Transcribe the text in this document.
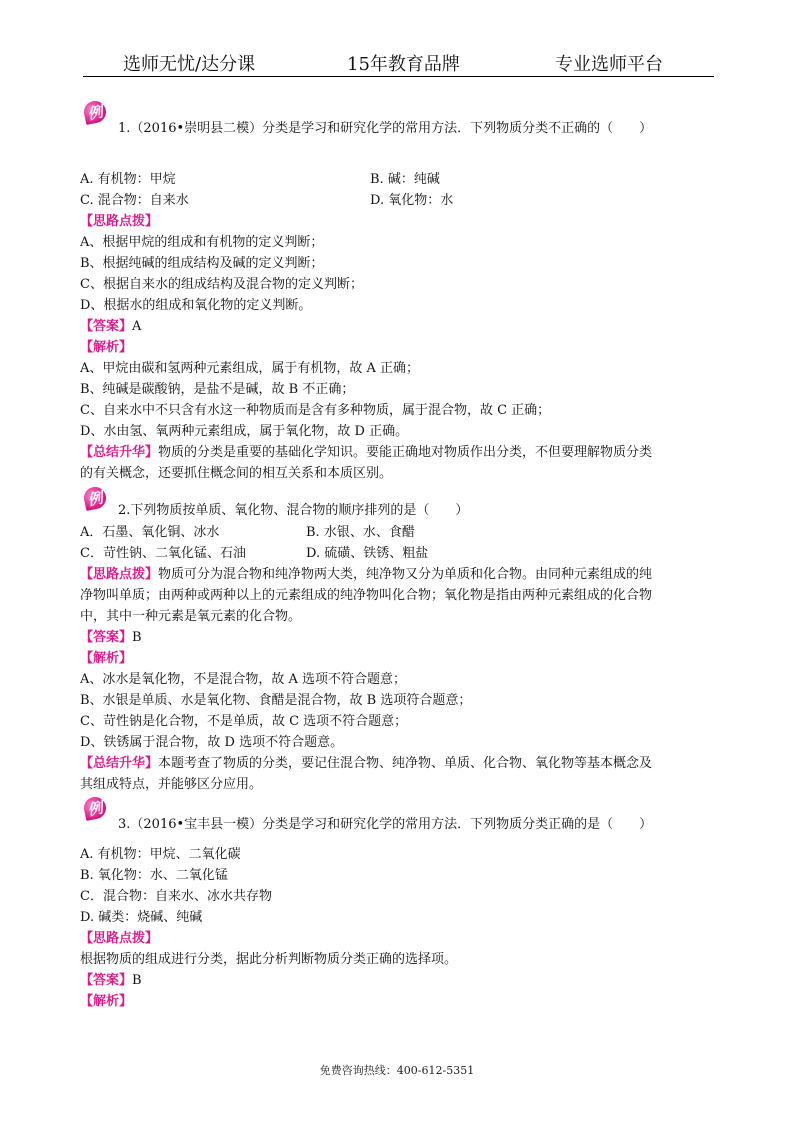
选师无忧/达分课	15年教育品牌	专业选师平台
例
1.（2016•崇明县二模）分类是学习和研究化学的常用方法．下列物质分类不正确的（　　）
A. 有机物：甲烷	B. 碱：纯碱
C. 混合物：自来水	D. 氧化物：水
【思路点拨】
A、根据甲烷的组成和有机物的定义判断；
B、根据纯碱的组成结构及碱的定义判断；
C、根据自来水的组成结构及混合物的定义判断；
D、根据水的组成和氧化物的定义判断。
【答案】A
【解析】
A、甲烷由碳和氢两种元素组成，属于有机物，故 A 正确；
B、纯碱是碳酸钠，是盐不是碱，故 B 不正确；
C、自来水中不只含有水这一种物质而是含有多种物质，属于混合物，故 C 正确；
D、水由氢、氧两种元素组成，属于氧化物，故 D 正确。
【总结升华】物质的分类是重要的基础化学知识。要能正确地对物质作出分类，不但要理解物质分类
的有关概念，还要抓住概念间的相互关系和本质区别。
例
2.下列物质按单质、氧化物、混合物的顺序排列的是（　　）
A．石墨、氧化铜、冰水	B. 水银、水、食醋
C．苛性钠、二氧化锰、石油	D. 硫磺、铁锈、粗盐
【思路点拨】物质可分为混合物和纯净物两大类，纯净物又分为单质和化合物。由同种元素组成的纯
净物叫单质；由两种或两种以上的元素组成的纯净物叫化合物；氧化物是指由两种元素组成的化合物
中，其中一种元素是氧元素的化合物。
【答案】B
【解析】
A、冰水是氧化物，不是混合物，故 A 选项不符合题意；
B、水银是单质、水是氧化物、食醋是混合物，故 B 选项符合题意；
C、苛性钠是化合物，不是单质，故 C 选项不符合题意；
D、铁锈属于混合物，故 D 选项不符合题意。
【总结升华】本题考查了物质的分类，要记住混合物、纯净物、单质、化合物、氧化物等基本概念及
其组成特点，并能够区分应用。
例
3.（2016•宝丰县一模）分类是学习和研究化学的常用方法．下列物质分类正确的是（　　）
A. 有机物：甲烷、二氧化碳
B. 氧化物：水、二氧化锰
C．混合物：自来水、冰水共存物
D. 碱类：烧碱、纯碱
【思路点拨】
根据物质的组成进行分类，据此分析判断物质分类正确的选择项。
【答案】B
【解析】
免费咨询热线：400-612-5351
